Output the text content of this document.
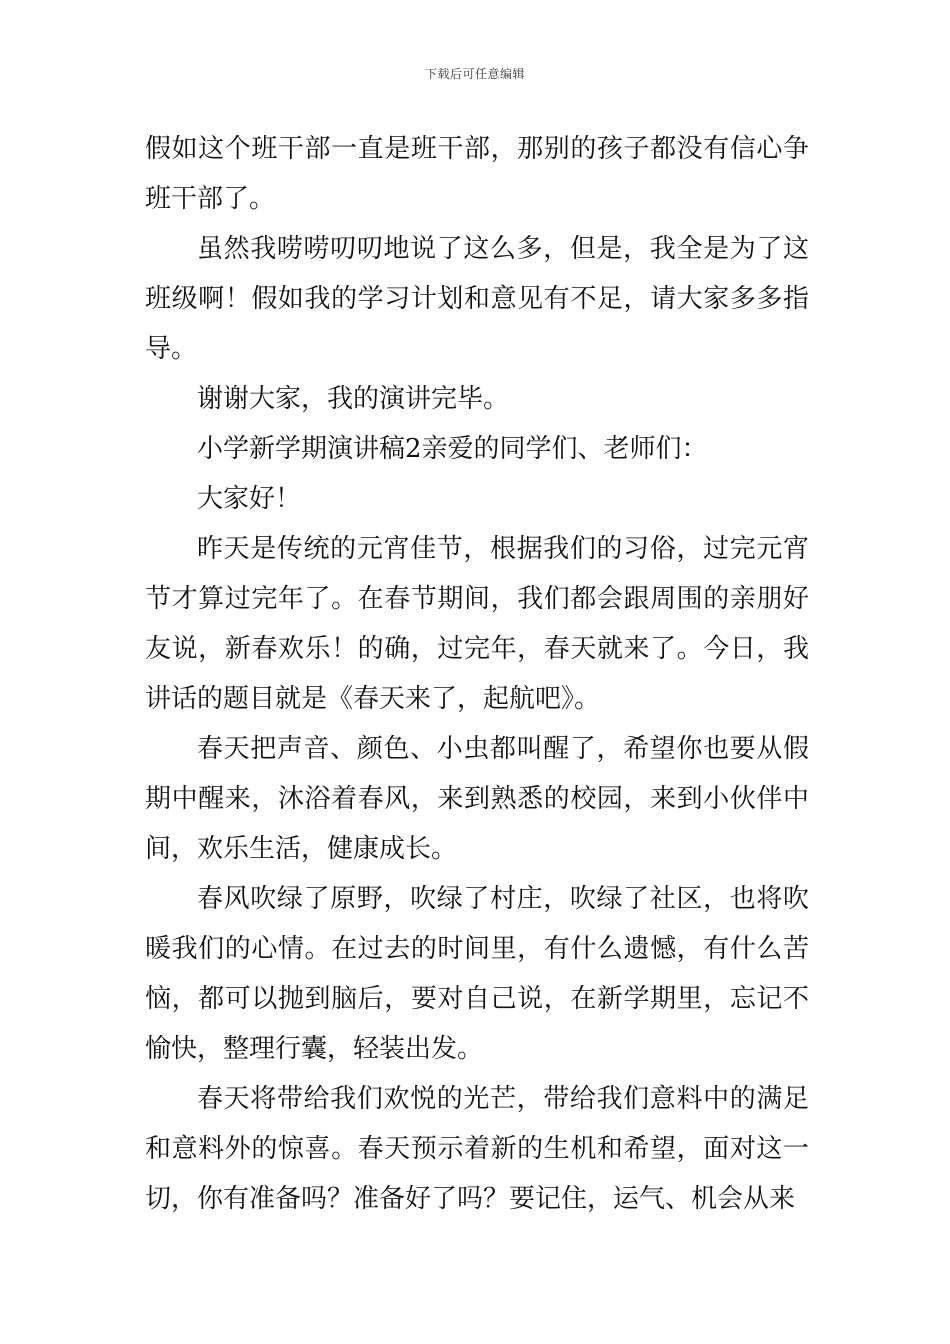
下载后可任意编辑

假如这个班干部一直是班干部，那别的孩子都没有信心争班干部了。

虽然我唠唠叨叨地说了这么多，但是，我全是为了这班级啊！假如我的学习计划和意见有不足，请大家多多指导。

谢谢大家，我的演讲完毕。

小学新学期演讲稿2亲爱的同学们、老师们：

大家好！

昨天是传统的元宵佳节，根据我们的习俗，过完元宵节才算过完年了。在春节期间，我们都会跟周围的亲朋好友说，新春欢乐！的确，过完年，春天就来了。今日，我讲话的题目就是《春天来了，起航吧》。

春天把声音、颜色、小虫都叫醒了，希望你也要从假期中醒来，沐浴着春风，来到熟悉的校园，来到小伙伴中间，欢乐生活，健康成长。

春风吹绿了原野，吹绿了村庄，吹绿了社区，也将吹暖我们的心情。在过去的时间里，有什么遗憾，有什么苦恼，都可以抛到脑后，要对自己说，在新学期里，忘记不愉快，整理行囊，轻装出发。

春天将带给我们欢悦的光芒，带给我们意料中的满足和意料外的惊喜。春天预示着新的生机和希望，面对这一切，你有准备吗？准备好了吗？要记住，运气、机会从来
